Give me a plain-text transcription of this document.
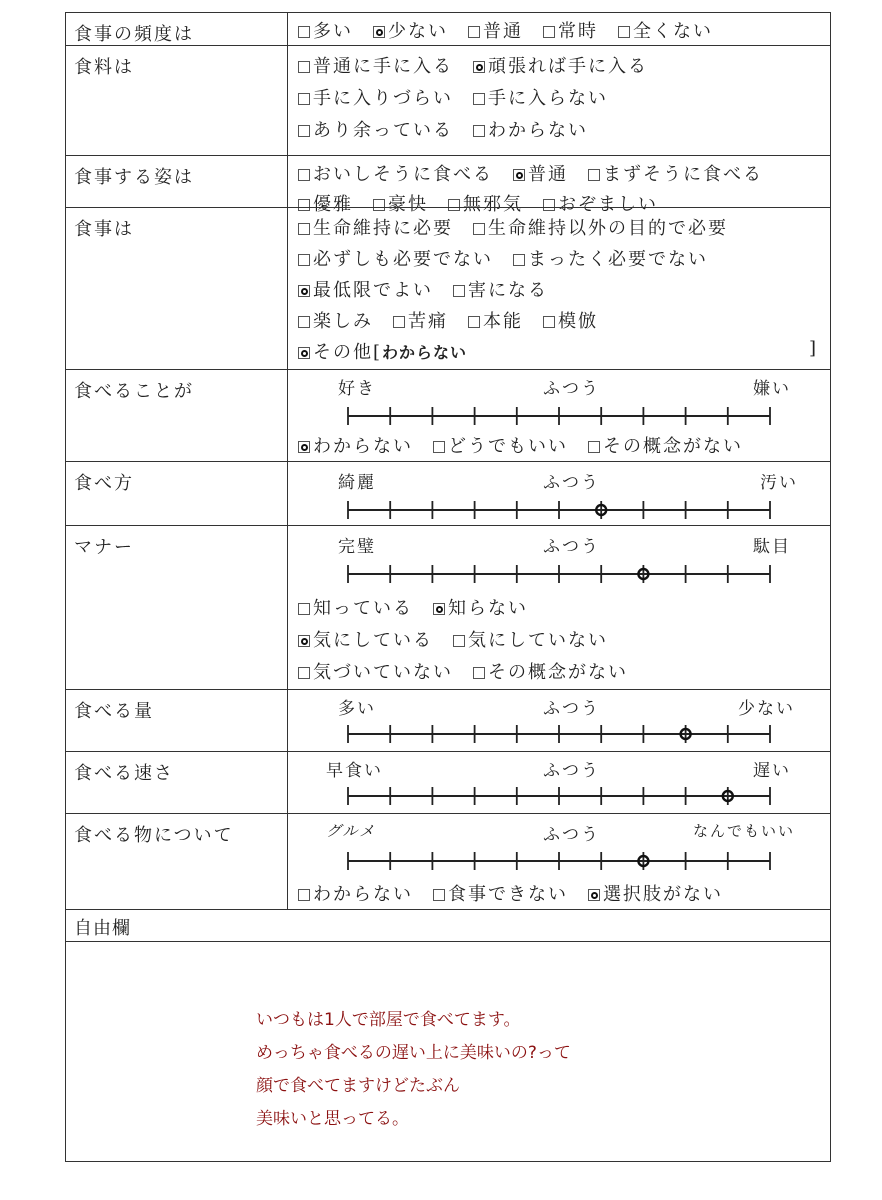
食事の頻度は	多い 少ない 普通 常時 全くない
食料は	普通に手に入る 頑張れば手に入る
手に入りづらい 手に入らない
あり余っている わからない
食事する姿は	おいしそうに食べる 普通 まずそうに食べる
優雅 豪快 無邪気 おぞましい
食事は	生命維持に必要 生命維持以外の目的で必要
必ずしも必要でない まったく必要でない
最低限でよい 害になる
楽しみ 苦痛 本能 模倣
その他[わからない	]
食べることが	好き	ふつう	嫌い
わからない どうでもいい その概念がない
食べ方	綺麗	ふつう	汚い
マナー	完璧	ふつう	駄目
知っている 知らない
気にしている 気にしていない
気づいていない その概念がない
食べる量	多い	ふつう	少ない
食べる速さ	早食い	ふつう	遅い
食べる物について	グルメ	ふつう	なんでもいい
わからない 食事できない 選択肢がない
自由欄
いつもは1人で部屋で食べてます。
めっちゃ食べるの遅い上に美味いの?って
顔で食べてますけどたぶん
美味いと思ってる。
